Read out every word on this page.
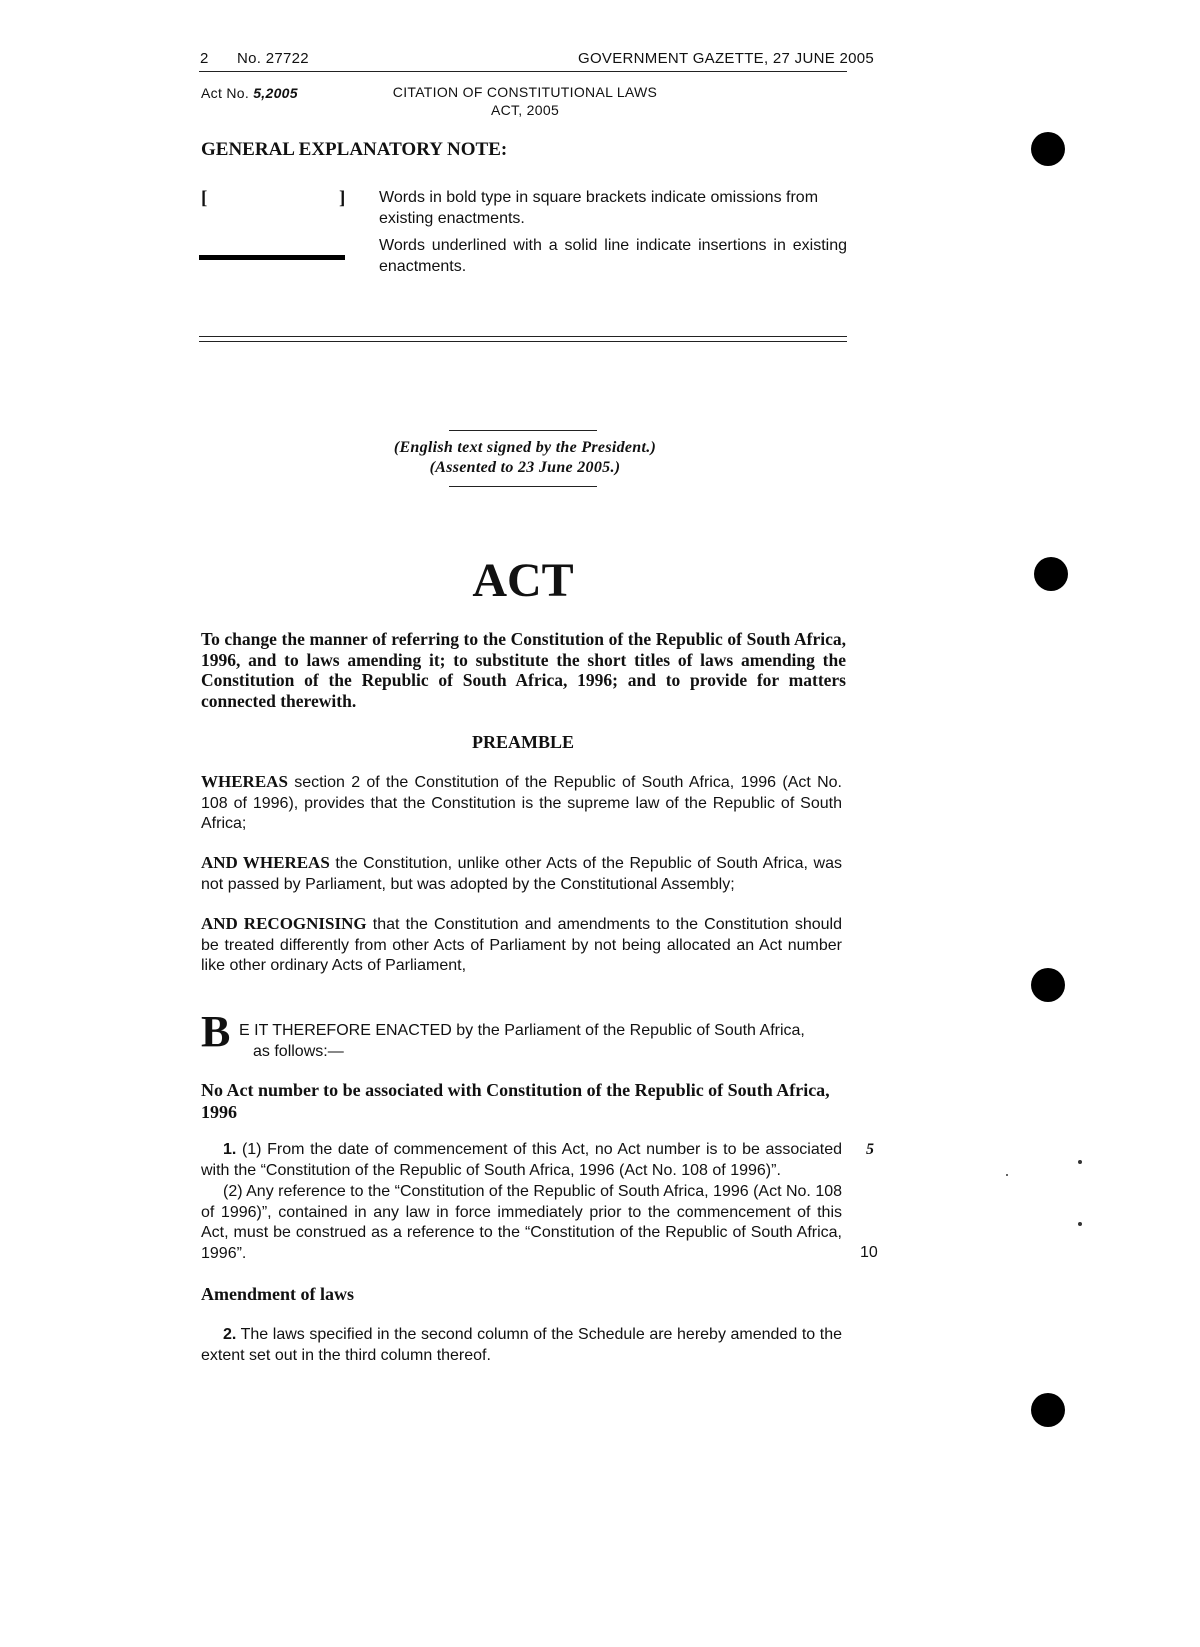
2 No. 27722	GOVERNMENT GAZETTE, 27 JUNE 2005
Act No. 5,2005	CITATION OF CONSTITUTIONAL LAWS
ACT, 2005
GENERAL EXPLANATORY NOTE:
[	] Words in bold type in square brackets indicate omissions from existing enactments.
Words underlined with a solid line indicate insertions in existing enactments.
(English text signed by the President.)
(Assented to 23 June 2005.)
ACT
To change the manner of referring to the Constitution of the Republic of South Africa, 1996, and to laws amending it; to substitute the short titles of laws amending the Constitution of the Republic of South Africa, 1996; and to provide for matters connected therewith.
PREAMBLE
WHEREAS section 2 of the Constitution of the Republic of South Africa, 1996 (Act No. 108 of 1996), provides that the Constitution is the supreme law of the Republic of South Africa;
AND WHEREAS the Constitution, unlike other Acts of the Republic of South Africa, was not passed by Parliament, but was adopted by the Constitutional Assembly;
AND RECOGNISING that the Constitution and amendments to the Constitution should be treated differently from other Acts of Parliament by not being allocated an Act number like other ordinary Acts of Parliament,
B E IT THEREFORE ENACTED by the Parliament of the Republic of South Africa,
as follows:—
No Act number to be associated with Constitution of the Republic of South Africa, 1996
1. (1) From the date of commencement of this Act, no Act number is to be associated with the “Constitution of the Republic of South Africa, 1996 (Act No. 108 of 1996)”.
(2) Any reference to the “Constitution of the Republic of South Africa, 1996 (Act No. 108 of 1996)”, contained in any law in force immediately prior to the commencement of this Act, must be construed as a reference to the “Constitution of the Republic of South Africa, 1996”.
5
10
Amendment of laws
2. The laws specified in the second column of the Schedule are hereby amended to the extent set out in the third column thereof.
